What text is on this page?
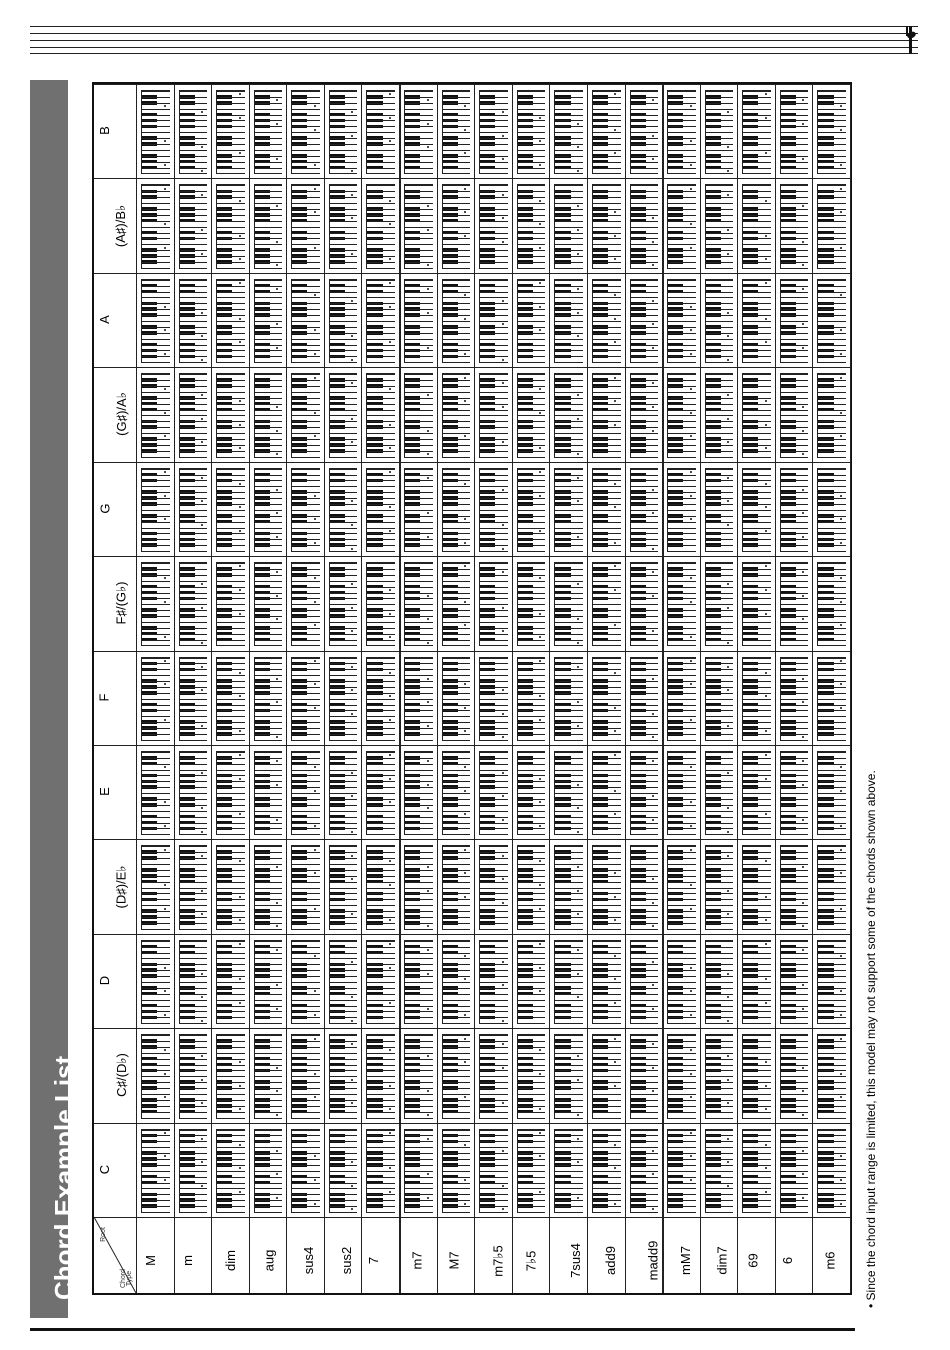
Chord Example List	Root
Chord Type
C
C♯/(D♭)
D
(D♯)/E♭
E
F
F♯/(G♭)
G
(G♯)/A♭
A
(A♯)/B♭
B
M m dim aug sus4 sus2 7 m7 M7 m7♭5 7♭5 7sus4 add9 madd9 mM7 dim7 69 6 m6 • Since the chord input range is limited, this model may not support some of the chords shown above.
